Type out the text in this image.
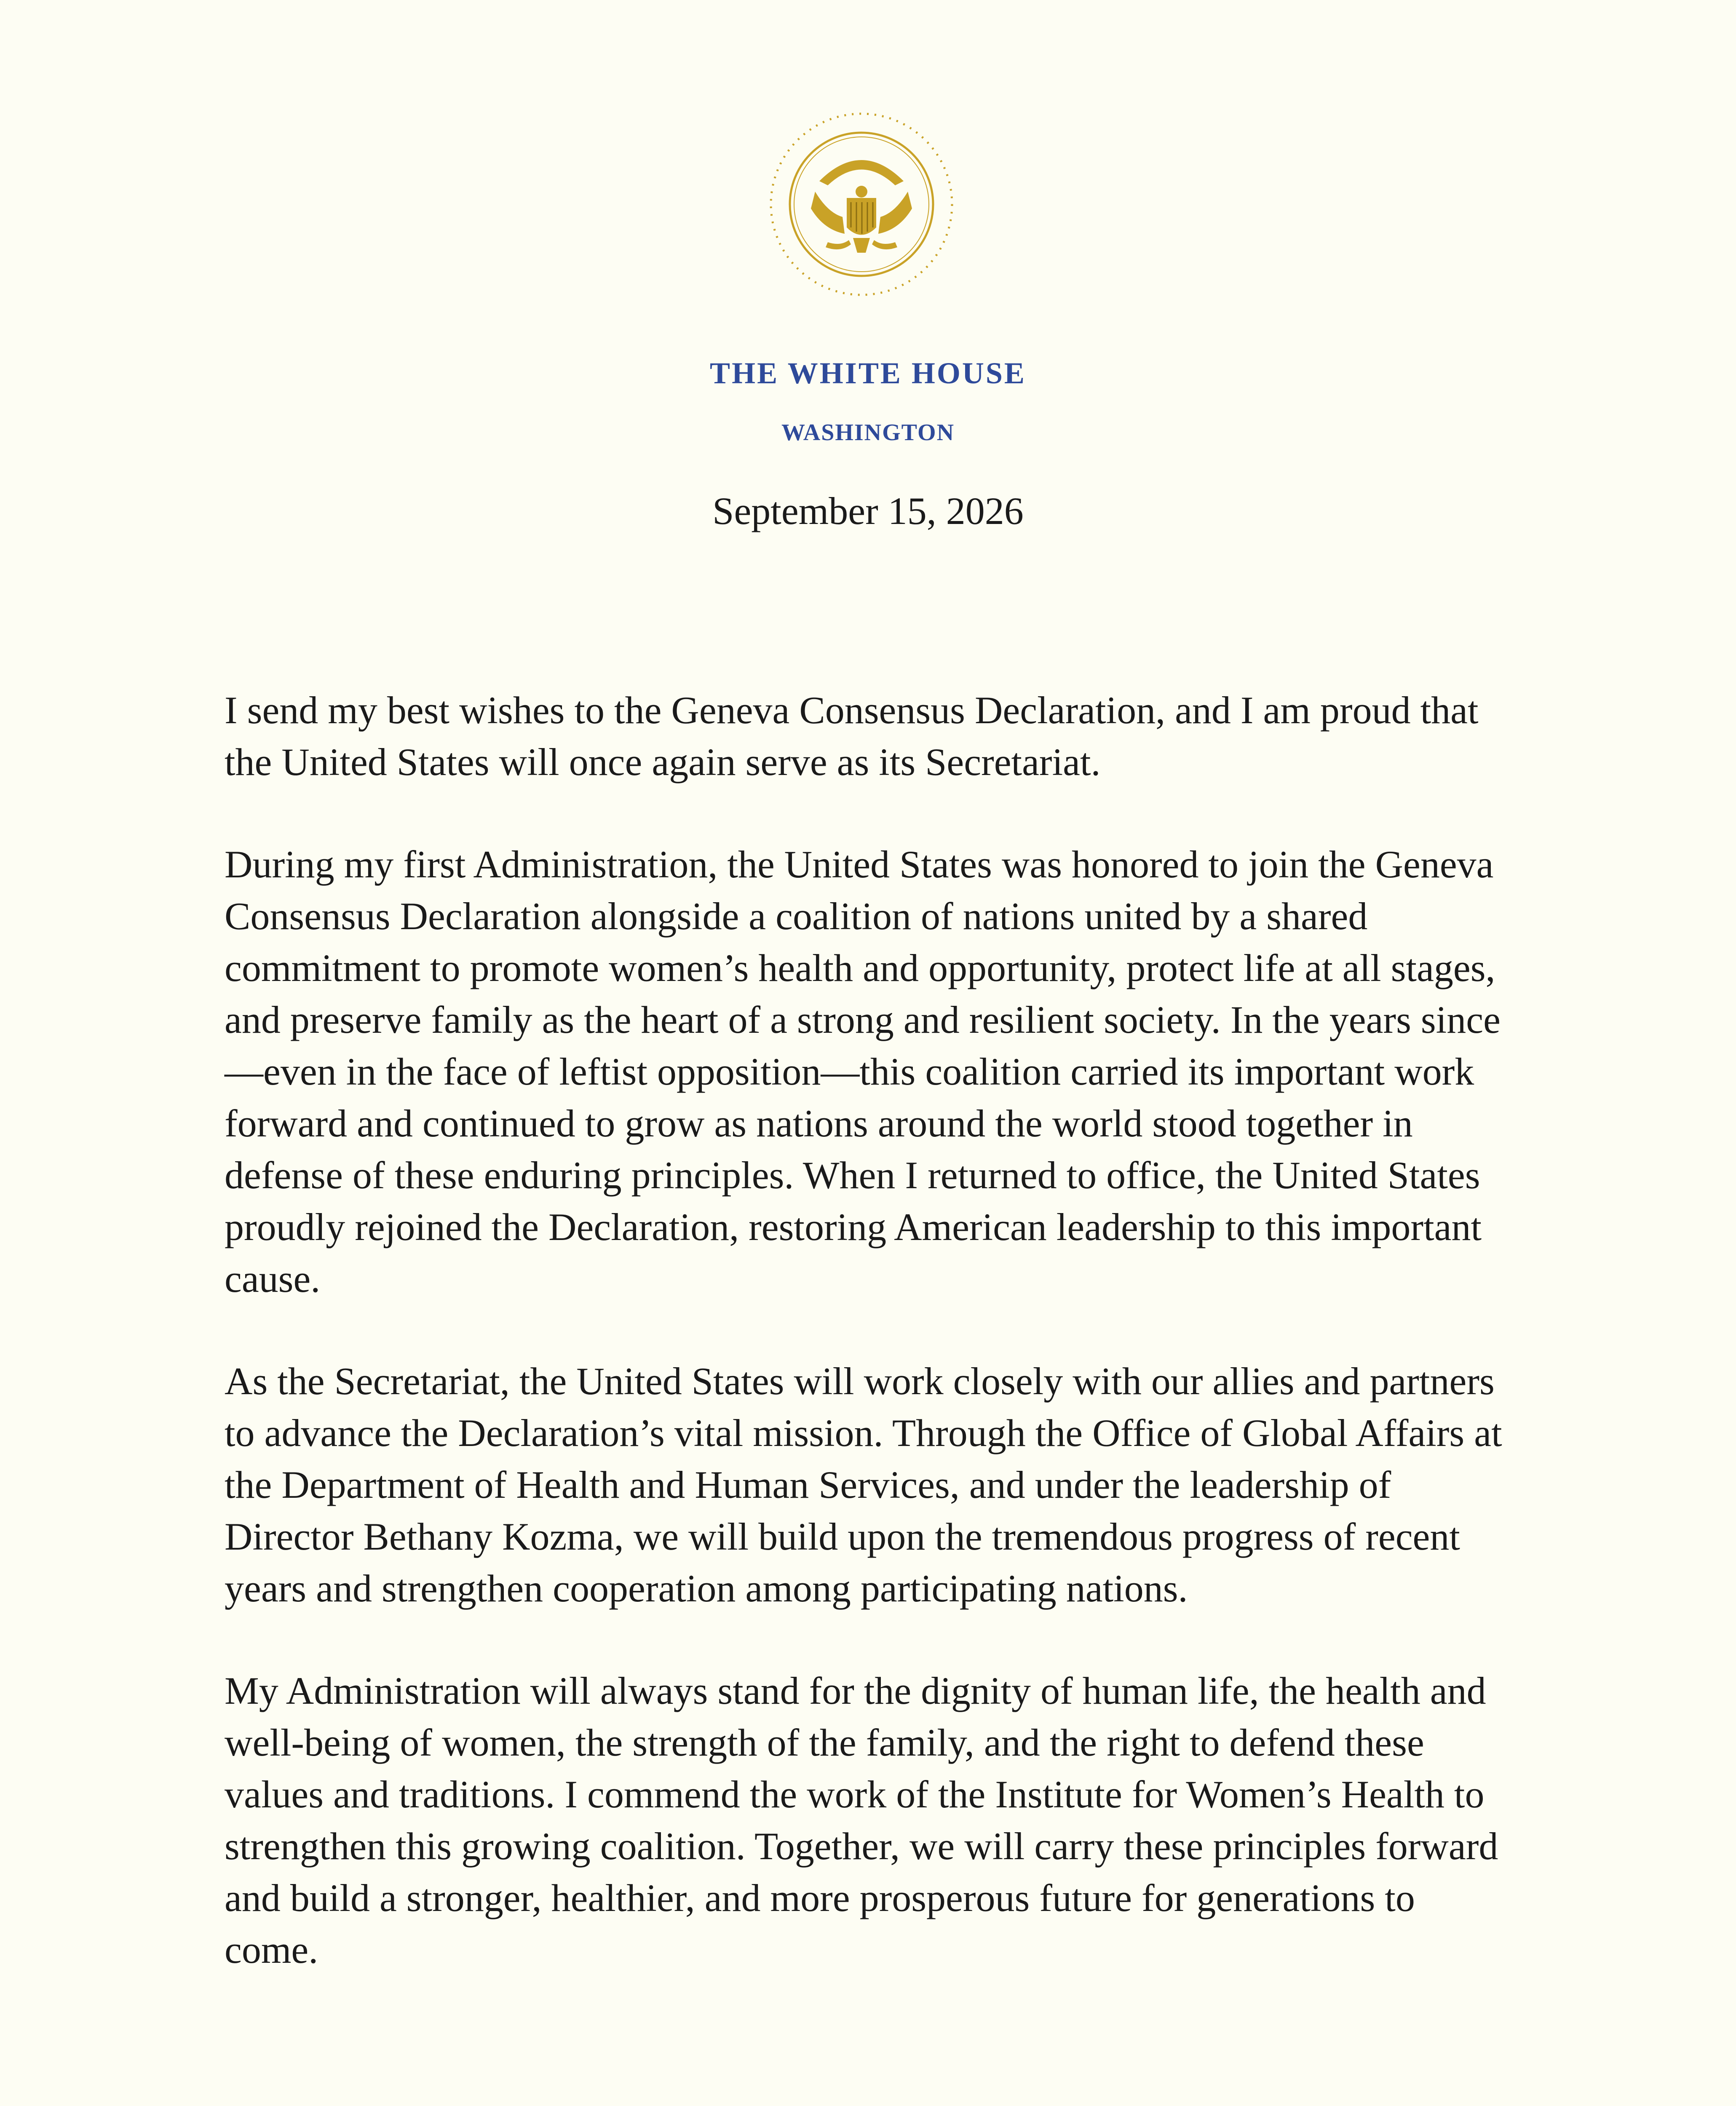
THE WHITE HOUSE
WASHINGTON
September 15, 2026

I send my best wishes to the Geneva Consensus Declaration, and I am proud that the United States will once again serve as its Secretariat.

During my first Administration, the United States was honored to join the Geneva Consensus Declaration alongside a coalition of nations united by a shared commitment to promote women’s health and opportunity, protect life at all stages, and preserve family as the heart of a strong and resilient society. In the years since—even in the face of leftist opposition—this coalition carried its important work forward and continued to grow as nations around the world stood together in defense of these enduring principles. When I returned to office, the United States proudly rejoined the Declaration, restoring American leadership to this important cause.

As the Secretariat, the United States will work closely with our allies and partners to advance the Declaration’s vital mission. Through the Office of Global Affairs at the Department of Health and Human Services, and under the leadership of Director Bethany Kozma, we will build upon the tremendous progress of recent years and strengthen cooperation among participating nations.

My Administration will always stand for the dignity of human life, the health and well-being of women, the strength of the family, and the right to defend these values and traditions. I commend the work of the Institute for Women’s Health to strengthen this growing coalition. Together, we will carry these principles forward and build a stronger, healthier, and more prosperous future for generations to come.
